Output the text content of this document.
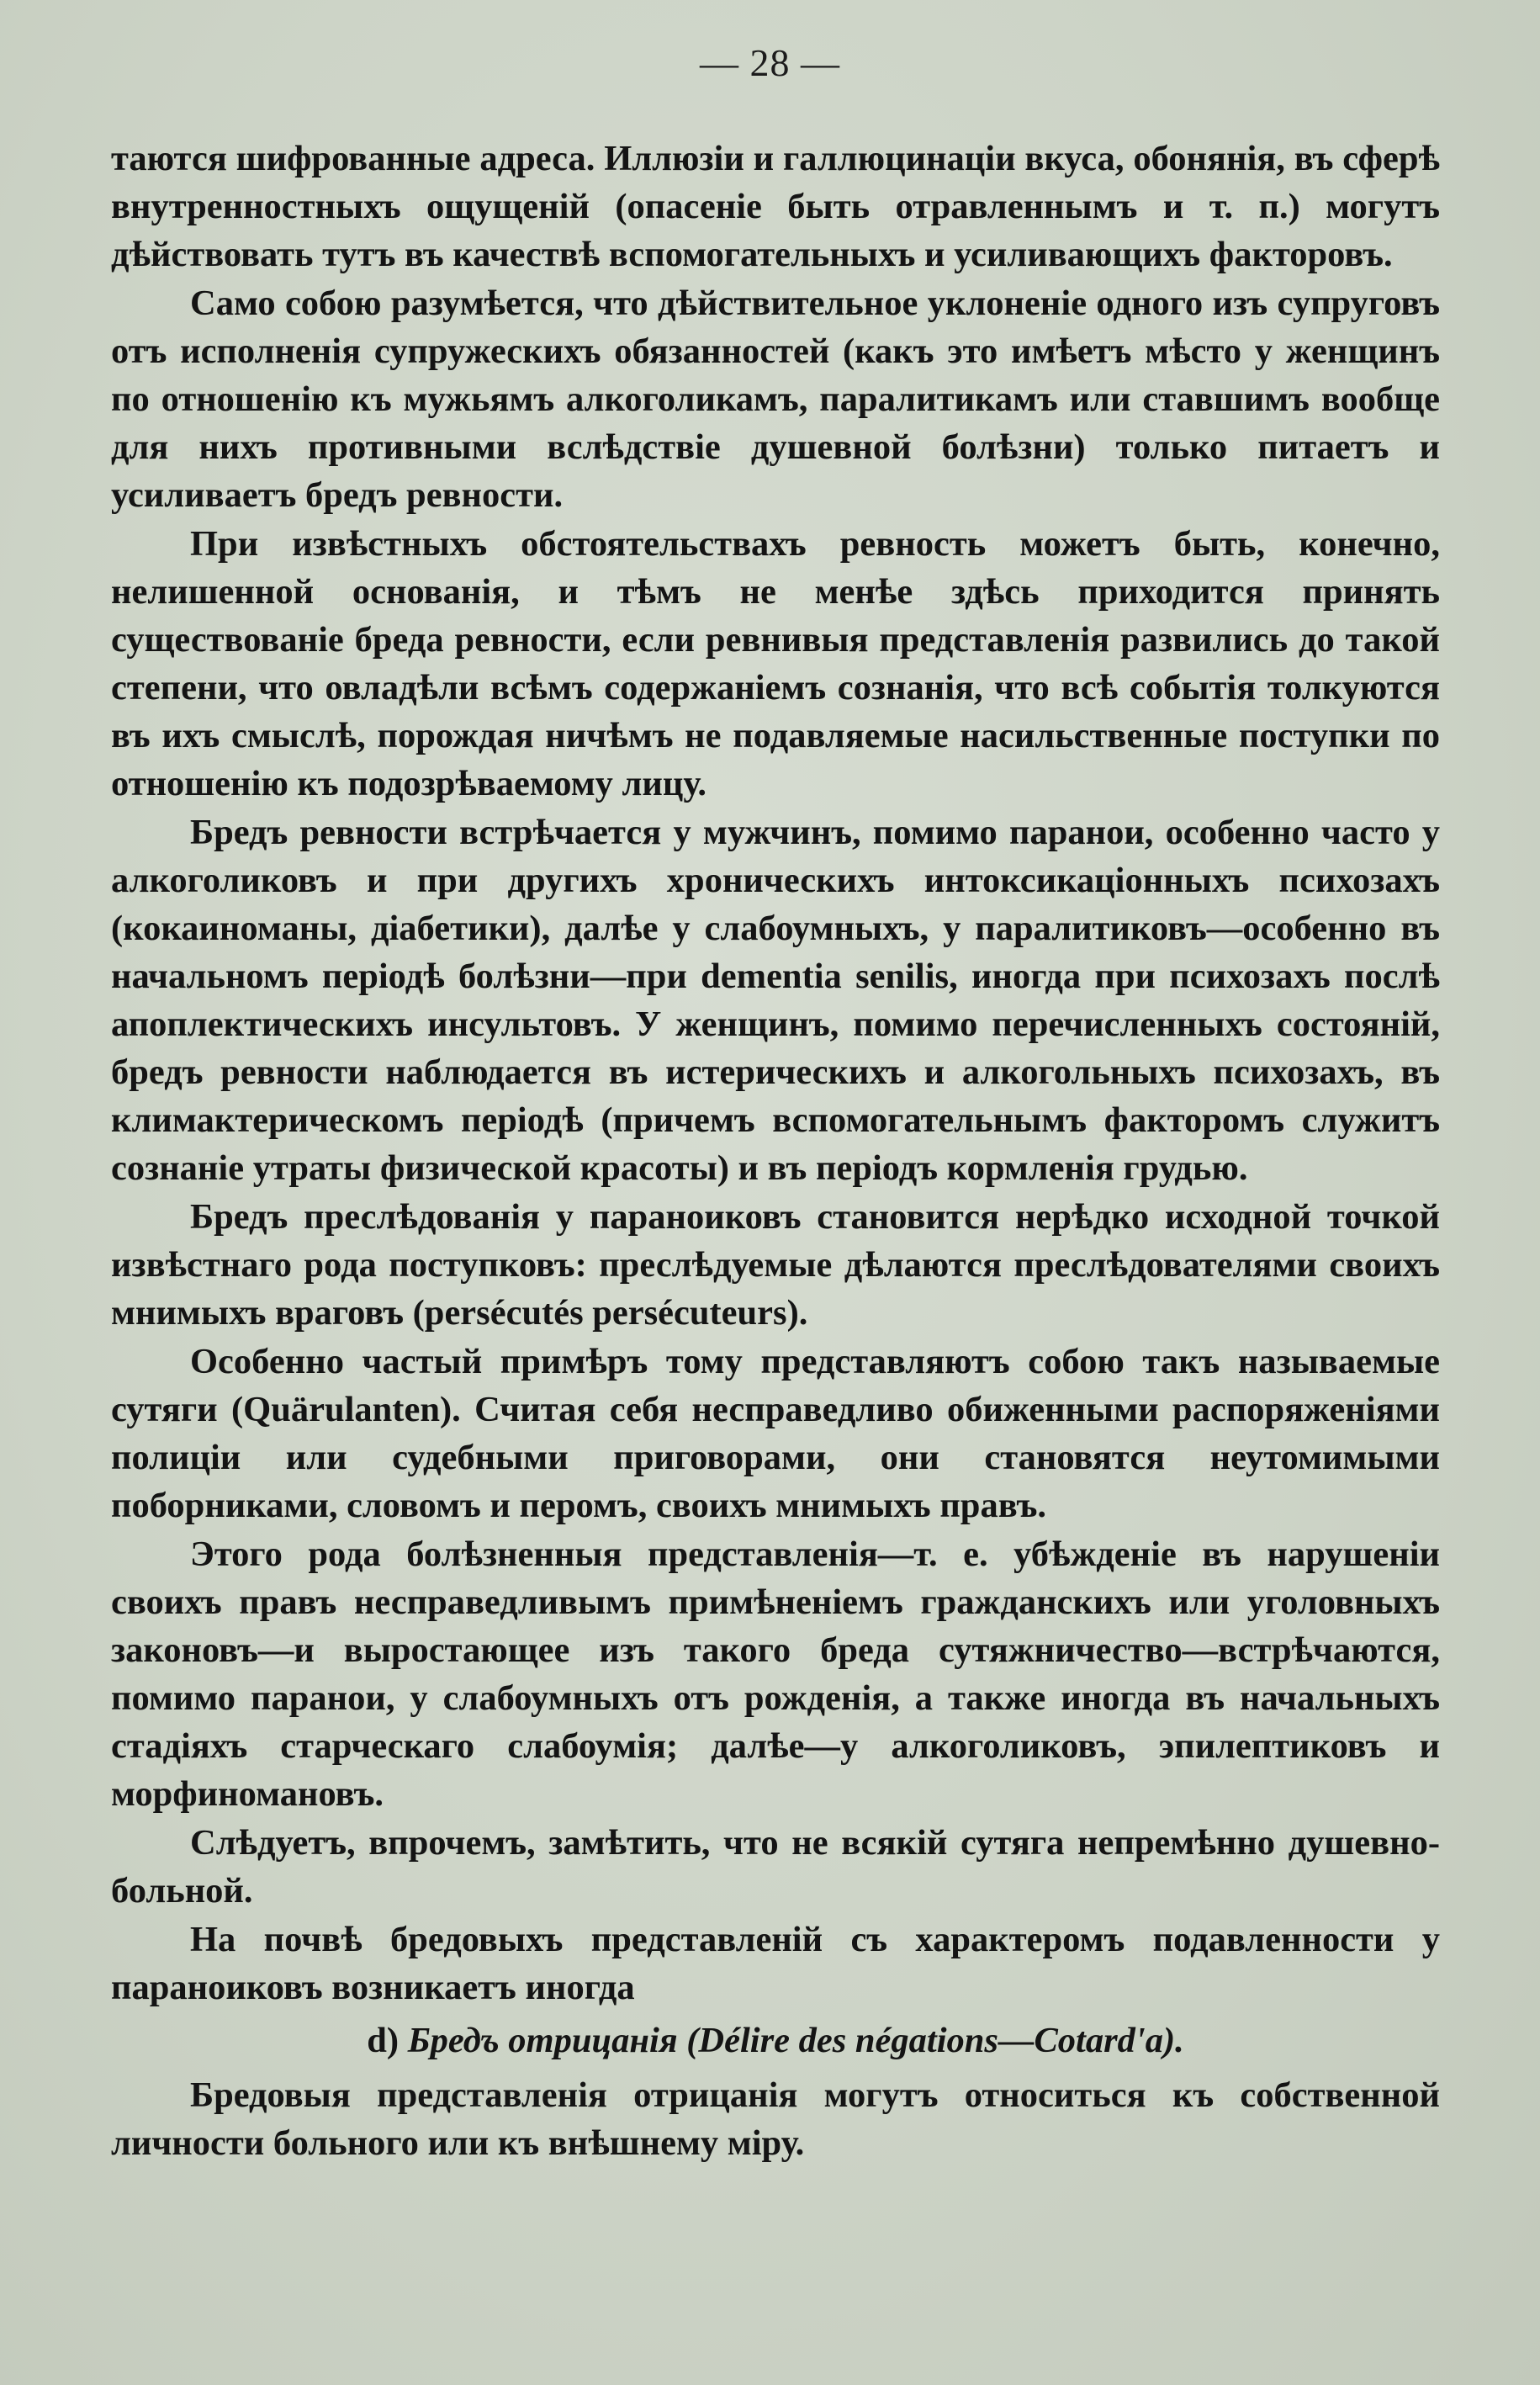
— 28 —

таются шифрованные адреса. Иллюзіи и галлюцинаціи вкуса, обонянія, въ сферѣ внутренностныхъ ощущеній (опасеніе быть отравленнымъ и т. п.) могутъ дѣйствовать тутъ въ качествѣ вспомогательныхъ и усиливающихъ факторовъ.

Само собою разумѣется, что дѣйствительное уклоненіе одного изъ супруговъ отъ исполненія супружескихъ обязанностей (какъ это имѣетъ мѣсто у женщинъ по отношенію къ мужьямъ алкоголикамъ, паралитикамъ или ставшимъ вообще для нихъ противными вслѣдствіе душевной болѣзни) только питаетъ и усиливаетъ бредъ ревности.

При извѣстныхъ обстоятельствахъ ревность можетъ быть, конечно, нелишенной основанія, и тѣмъ не менѣе здѣсь приходится принять существованіе бреда ревности, если ревнивыя представленія развились до такой степени, что овладѣли всѣмъ содержаніемъ сознанія, что всѣ событія толкуются въ ихъ смыслѣ, порождая ничѣмъ не подавляемые насильственные поступки по отношенію къ подозрѣваемому лицу.

Бредъ ревности встрѣчается у мужчинъ, помимо паранои, особенно часто у алкоголиковъ и при другихъ хроническихъ интоксикаціонныхъ психозахъ (кокаиноманы, діабетики), далѣе у слабоумныхъ, у паралитиковъ—особенно въ начальномъ періодѣ болѣзни—при dementia senilis, иногда при психозахъ послѣ апоплектическихъ инсультовъ. У женщинъ, помимо перечисленныхъ состояній, бредъ ревности наблюдается въ истерическихъ и алкогольныхъ психозахъ, въ климактерическомъ періодѣ (причемъ вспомогательнымъ факторомъ служитъ сознаніе утраты физической красоты) и въ періодъ кормленія грудью.

Бредъ преслѣдованія у параноиковъ становится нерѣдко исходной точкой извѣстнаго рода поступковъ: преслѣдуемые дѣлаются преслѣдователями своихъ мнимыхъ враговъ (persécutés persécuteurs).

Особенно частый примѣръ тому представляютъ собою такъ называемые сутяги (Quärulanten). Считая себя несправедливо обиженными распоряженіями полиціи или судебными приговорами, они становятся неутомимыми поборниками, словомъ и перомъ, своихъ мнимыхъ правъ.

Этого рода болѣзненныя представленія—т. е. убѣжденіе въ нарушеніи своихъ правъ несправедливымъ примѣненіемъ гражданскихъ или уголовныхъ законовъ—и выростающее изъ такого бреда сутяжничество—встрѣчаются, помимо паранои, у слабоумныхъ отъ рожденія, а также иногда въ начальныхъ стадіяхъ старческаго слабоумія; далѣе—у алкоголиковъ, эпилептиковъ и морфиномановъ.

Слѣдуетъ, впрочемъ, замѣтить, что не всякій сутяга непремѣнно душевно-больной.

На почвѣ бредовыхъ представленій съ характеромъ подавленности у параноиковъ возникаетъ иногда

d) Бредъ отрицанія (Délire des négations—Cotard'a).

Бредовыя представленія отрицанія могутъ относиться къ собственной личности больного или къ внѣшнему міру.
